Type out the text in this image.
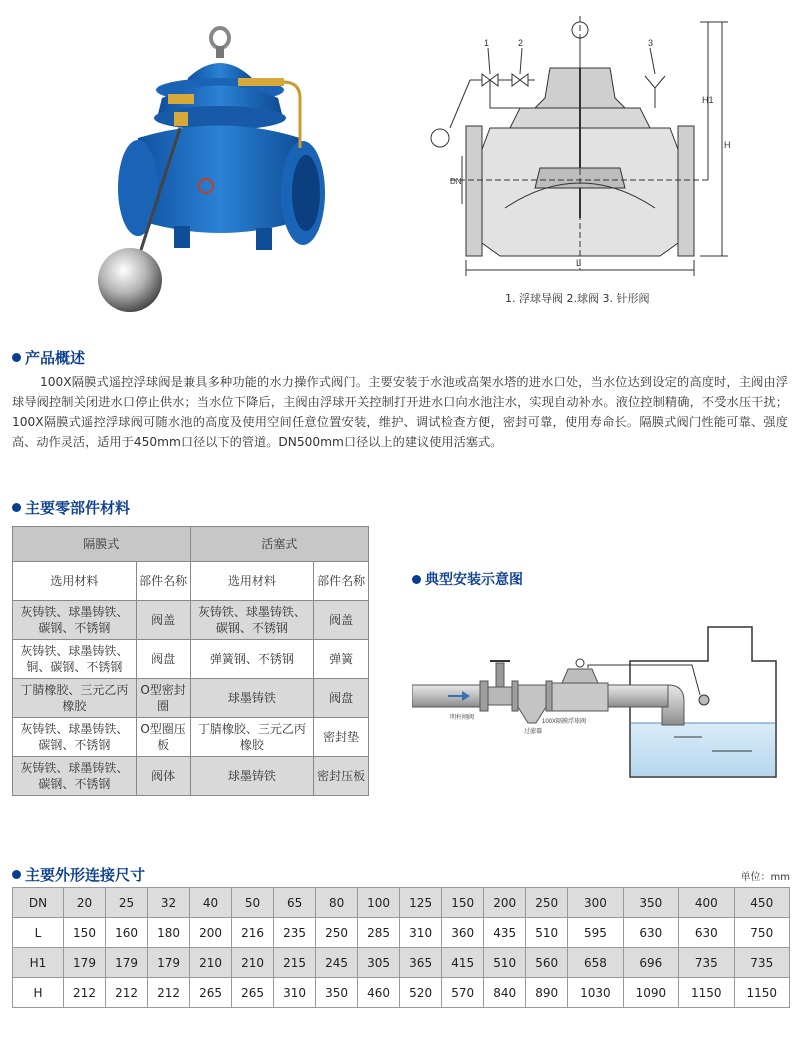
1	2	3
H1
H
DN
L
1. 浮球导阀 2.球阀 3. 针形阀
产品概述
100X隔膜式遥控浮球阀是兼具多种功能的水力操作式阀门。主要安装于水池或高架水塔的进水口处，当水位达到设定的高度时，主阀由浮球导阀控制关闭进水口停止供水；当水位下降后，主阀由浮球开关控制打开进水口向水池注水，实现自动补水。液位控制精确，不受水压干扰；100X隔膜式遥控浮球阀可随水池的高度及使用空间任意位置安装，维护、调试检查方便，密封可靠，使用寿命长。隔膜式阀门性能可靠、强度高、动作灵活，适用于450mm口径以下的管道。DN500mm口径以上的建议使用活塞式。
主要零部件材料
隔膜式		活塞式	
选用材料	部件名称	选用材料	部件名称
灰铸铁、球墨铸铁、碳钢、不锈钢	阀盖	灰铸铁、球墨铸铁、碳钢、不锈钢	阀盖
灰铸铁、球墨铸铁、铜、碳钢、不锈钢	阀盘	弹簧钢、不锈钢	弹簧
丁腈橡胶、三元乙丙橡胶	O型密封圈	球墨铸铁	阀盘
灰铸铁、球墨铸铁、碳钢、不锈钢	O型圈压板	丁腈橡胶、三元乙丙橡胶	密封垫
灰铸铁、球墨铸铁、碳钢、不锈钢	阀体	球墨铸铁	密封压板
典型安装示意图
明杆闸阀
过滤器
100X隔膜浮球阀
主要外形连接尺寸	单位：mm
DN	20	25	32	40	50	65	80	100	125	150	200	250	300	350	400	450
L	150	160	180	200	216	235	250	285	310	360	435	510	595	630	630	750
H1	179	179	179	210	210	215	245	305	365	415	510	560	658	696	735	735
H	212	212	212	265	265	310	350	460	520	570	840	890	1030	1090	1150	1150
